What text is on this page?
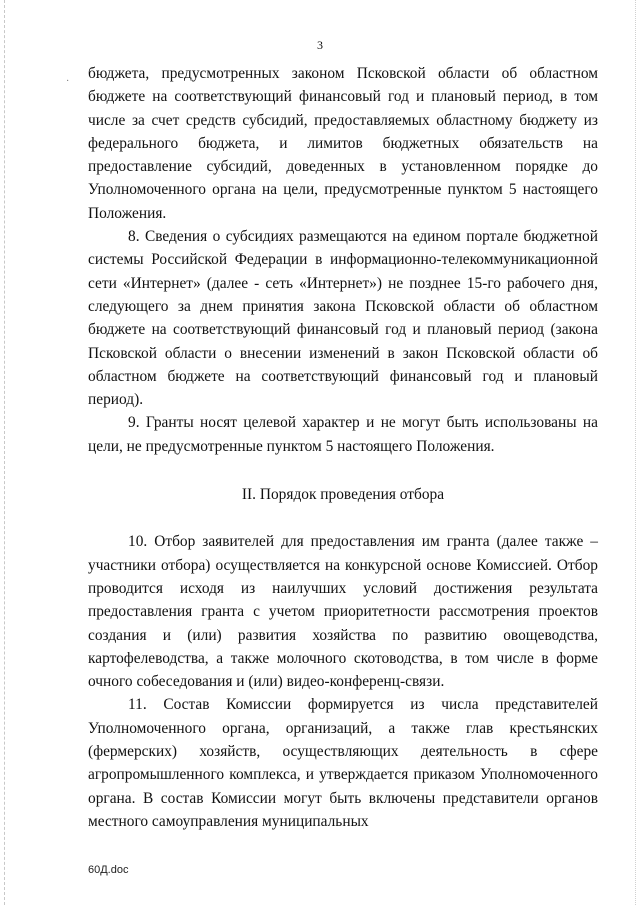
3
· бюджета, предусмотренных законом Псковской области об областном бюджете на соответствующий финансовый год и плановый период, в том числе за счет средств субсидий, предоставляемых областному бюджету из федерального бюджета, и лимитов бюджетных обязательств на предоставление субсидий, доведенных в установленном порядке до Уполномоченного органа на цели, предусмотренные пунктом 5 настоящего Положения.

8. Сведения о субсидиях размещаются на едином портале бюджетной системы Российской Федерации в информационно-телекоммуникационной сети «Интернет» (далее - сеть «Интернет») не позднее 15-го рабочего дня, следующего за днем принятия закона Псковской области об областном бюджете на соответствующий финансовый год и плановый период (закона Псковской области о внесении изменений в закон Псковской области об областном бюджете на соответствующий финансовый год и плановый период).

9. Гранты носят целевой характер и не могут быть использованы на цели, не предусмотренные пунктом 5 настоящего Положения.

II. Порядок проведения отбора

10. Отбор заявителей для предоставления им гранта (далее также – участники отбора) осуществляется на конкурсной основе Комиссией. Отбор проводится исходя из наилучших условий достижения результата предоставления гранта с учетом приоритетности рассмотрения проектов создания и (или) развития хозяйства по развитию овощеводства, картофелеводства, а также молочного скотоводства, в том числе в форме очного собеседования и (или) видео-конференц-связи.

11. Состав Комиссии формируется из числа представителей Уполномоченного органа, организаций, а также глав крестьянских (фермерских) хозяйств, осуществляющих деятельность в сфере агропромышленного комплекса, и утверждается приказом Уполномоченного органа. В состав Комиссии могут быть включены представители органов местного самоуправления муниципальных

60Д.doc
